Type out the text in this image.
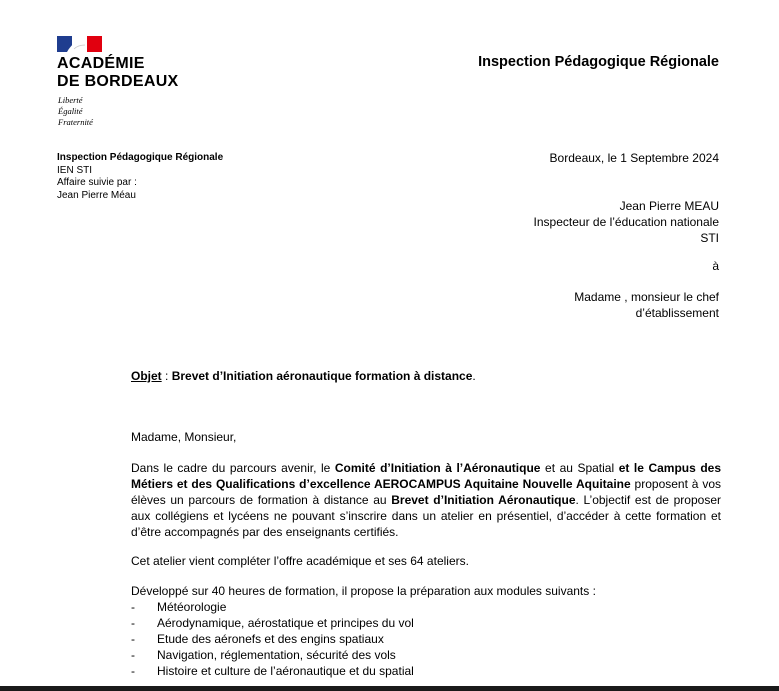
ACADÉMIE
DE BORDEAUX
Liberté
Égalité
Fraternité
Inspection Pédagogique Régionale
Inspection Pédagogique Régionale
IEN STI
Affaire suivie par :
Jean Pierre Méau
Bordeaux, le 1 Septembre 2024
Jean Pierre MEAU
Inspecteur de l’éducation nationale
STI
à
Madame , monsieur le chef
d’établissement
Objet : Brevet d’Initiation aéronautique formation à distance.
Madame, Monsieur,
Dans le cadre du parcours avenir, le Comité d’Initiation à l’Aéronautique et au Spatial et le Campus des Métiers et des Qualifications d’excellence AEROCAMPUS Aquitaine Nouvelle Aquitaine proposent à vos élèves un parcours de formation à distance au Brevet d’Initiation Aéronautique. L’objectif est de proposer aux collégiens et lycéens ne pouvant s’inscrire dans un atelier en présentiel, d’accéder à cette formation et d’être accompagnés par des enseignants certifiés.
Cet atelier vient compléter l’offre académique et ses 64 ateliers.
Développé sur 40 heures de formation, il propose la préparation aux modules suivants :
- Météorologie
- Aérodynamique, aérostatique et principes du vol
- Etude des aéronefs et des engins spatiaux
- Navigation, réglementation, sécurité des vols
- Histoire et culture de l’aéronautique et du spatial
